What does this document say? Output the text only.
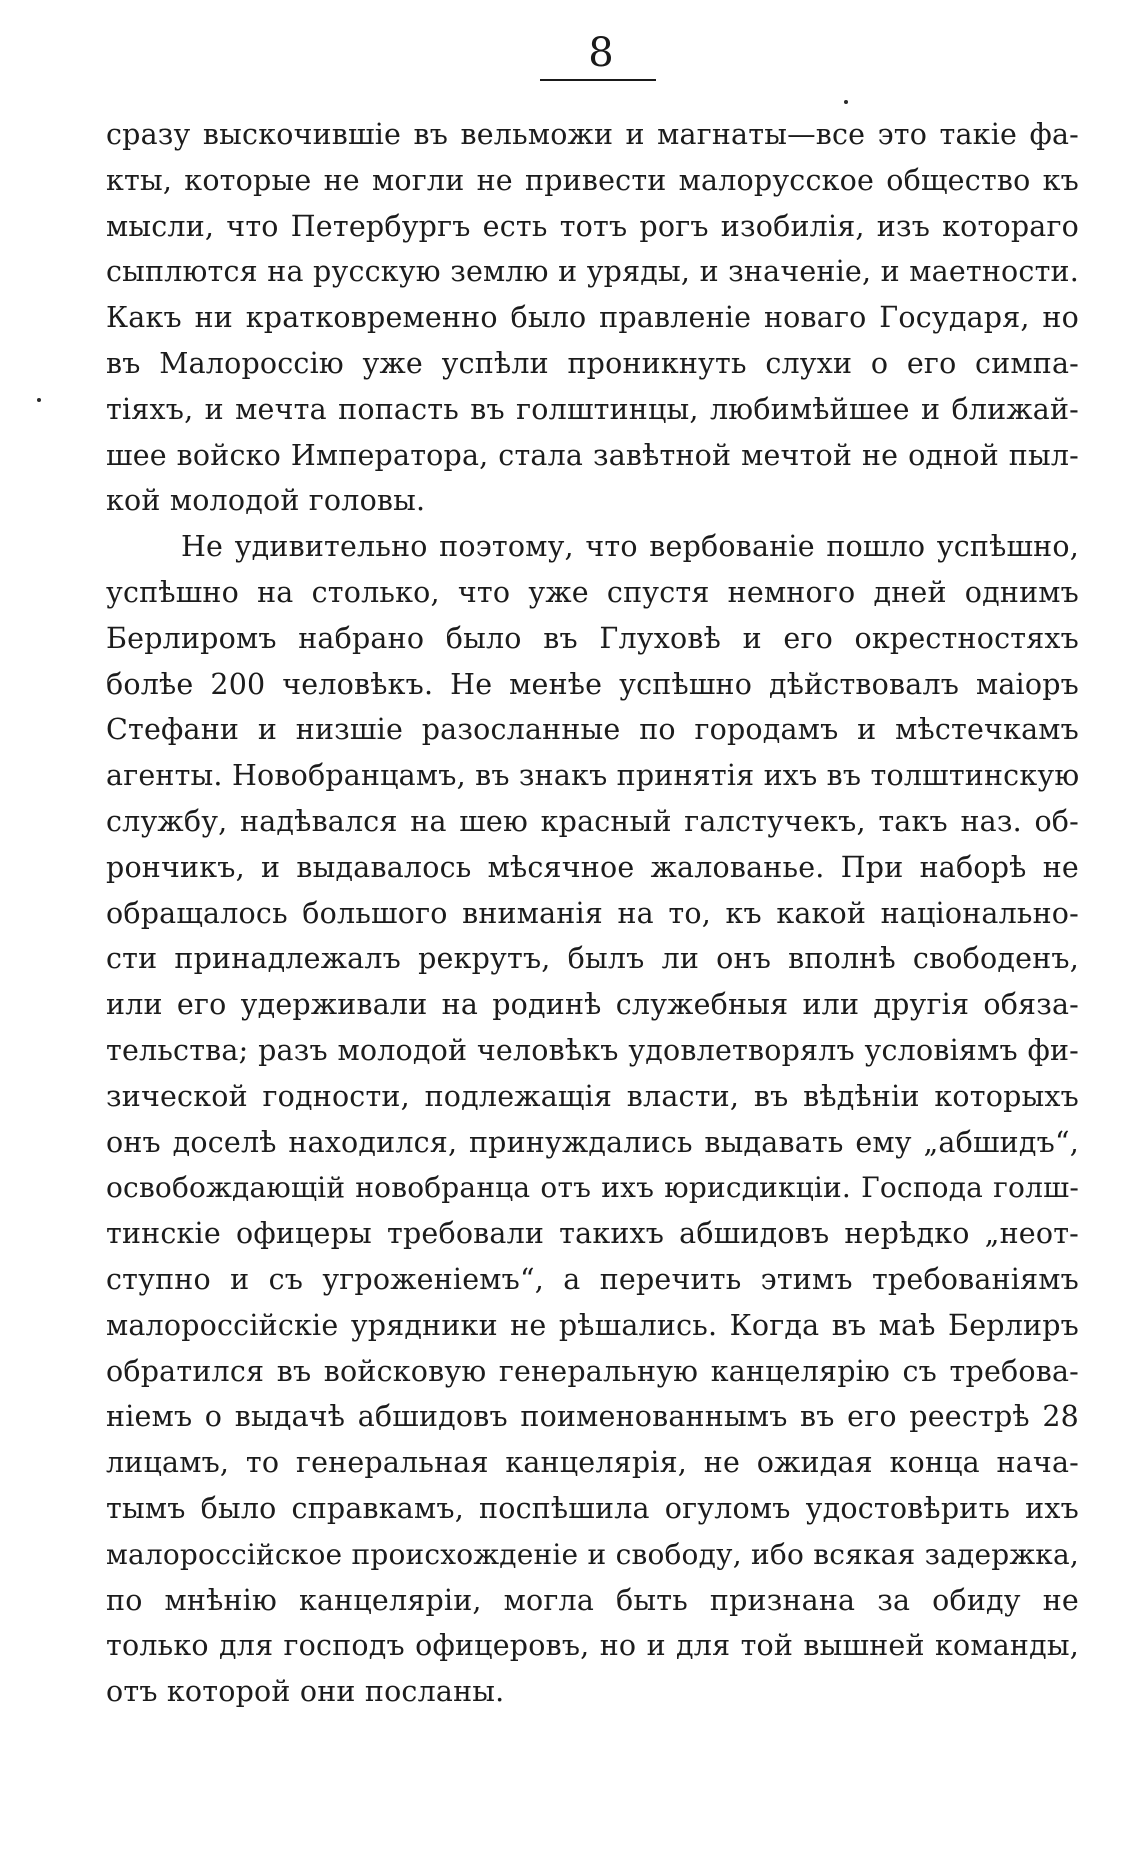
8
сразу выскочившіе въ вельможи и магнаты—все это такіе фа-
кты, которые не могли не привести малорусское общество къ
мысли, что Петербургъ есть тотъ рогъ изобилія, изъ котораго
сыплются на русскую землю и уряды, и значеніе, и маетности.
Какъ ни кратковременно было правленіе новаго Государя, но
въ Малороссію уже успѣли проникнуть слухи о его симпа-
тіяхъ, и мечта попасть въ голштинцы, любимѣйшее и ближай-
шее войско Императора, стала завѣтной мечтой не одной пыл-
кой молодой головы.
Не удивительно поэтому, что вербованіе пошло успѣшно,
успѣшно на столько, что уже спустя немного дней однимъ
Берлиромъ набрано было въ Глуховѣ и его окрестностяхъ
болѣе 200 человѣкъ. Не менѣе успѣшно дѣйствовалъ маіоръ
Стефани и низшіе разосланные по городамъ и мѣстечкамъ
агенты. Новобранцамъ, въ знакъ принятія ихъ въ толштинскую
службу, надѣвался на шею красный галстучекъ, такъ наз. об-
рончикъ, и выдавалось мѣсячное жалованье. При наборѣ не
обращалось большого вниманія на то, къ какой національно-
сти принадлежалъ рекрутъ, былъ ли онъ вполнѣ свободенъ,
или его удерживали на родинѣ служебныя или другія обяза-
тельства; разъ молодой человѣкъ удовлетворялъ условіямъ фи-
зической годности, подлежащія власти, въ вѣдѣніи которыхъ
онъ доселѣ находился, принуждались выдавать ему „абшидъ“,
освобождающій новобранца отъ ихъ юрисдикціи. Господа голш-
тинскіе офицеры требовали такихъ абшидовъ нерѣдко „неот-
ступно и съ угроженіемъ“, а перечить этимъ требованіямъ
малороссійскіе урядники не рѣшались. Когда въ маѣ Берлиръ
обратился въ войсковую генеральную канцелярію съ требова-
ніемъ о выдачѣ абшидовъ поименованнымъ въ его реестрѣ 28
лицамъ, то генеральная канцелярія, не ожидая конца нача-
тымъ было справкамъ, поспѣшила огуломъ удостовѣрить ихъ
малороссійское происхожденіе и свободу, ибо всякая задержка,
по мнѣнію канцеляріи, могла быть признана за обиду не
только для господъ офицеровъ, но и для той вышней команды,
отъ которой они посланы.
